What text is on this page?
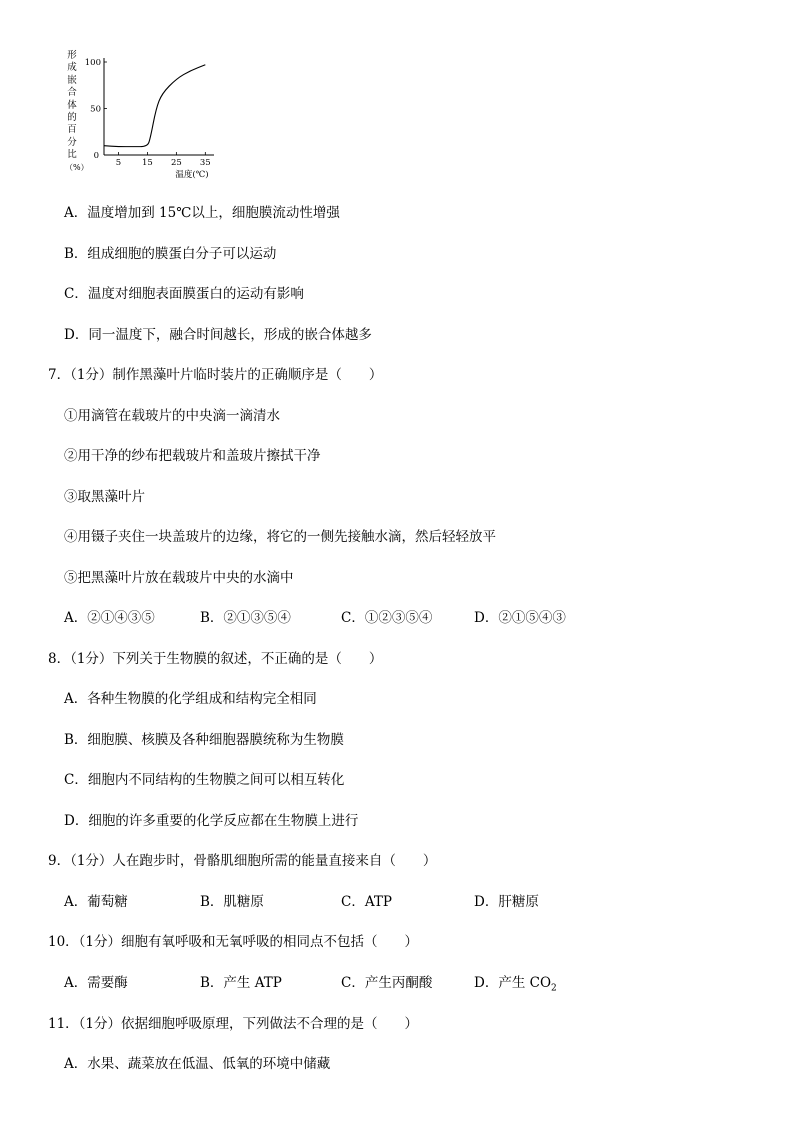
形
成
嵌
合
体
的
百
分
比
（%）
0
50
100
5 15 25 35
温度(℃)
A．温度增加到 15℃以上，细胞膜流动性增强
B．组成细胞的膜蛋白分子可以运动
C．温度对细胞表面膜蛋白的运动有影响
D．同一温度下，融合时间越长，形成的嵌合体越多
7．（1分）制作黑藻叶片临时装片的正确顺序是（　　）
①用滴管在载玻片的中央滴一滴清水
②用干净的纱布把载玻片和盖玻片擦拭干净
③取黑藻叶片
④用镊子夹住一块盖玻片的边缘，将它的一侧先接触水滴，然后轻轻放平
⑤把黑藻叶片放在载玻片中央的水滴中
A．②①④③⑤	B．②①③⑤④	C．①②③⑤④	D．②①⑤④③
8．（1分）下列关于生物膜的叙述，不正确的是（　　）
A．各种生物膜的化学组成和结构完全相同
B．细胞膜、核膜及各种细胞器膜统称为生物膜
C．细胞内不同结构的生物膜之间可以相互转化
D．细胞的许多重要的化学反应都在生物膜上进行
9．（1分）人在跑步时，骨骼肌细胞所需的能量直接来自（　　）
A．葡萄糖	B．肌糖原	C．ATP	D．肝糖原
10．（1分）细胞有氧呼吸和无氧呼吸的相同点不包括（　　）
A．需要酶	B．产生 ATP	C．产生丙酮酸	D．产生 $CO_2$
11．（1分）依据细胞呼吸原理，下列做法不合理的是（　　）
A．水果、蔬菜放在低温、低氧的环境中储藏
